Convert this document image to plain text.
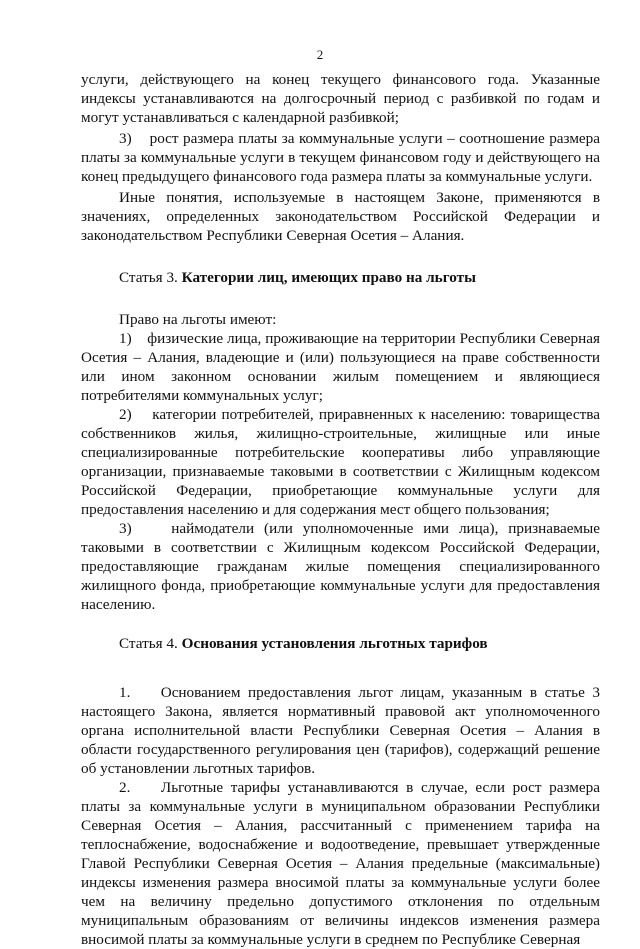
2

услуги, действующего на конец текущего финансового года. Указанные индексы устанавливаются на долгосрочный период с разбивкой по годам и могут устанавливаться с календарной разбивкой;

3)    рост размера платы за коммунальные услуги – соотношение размера платы за коммунальные услуги в текущем финансовом году и действующего на конец предыдущего финансового года размера платы за коммунальные услуги.

Иные понятия, используемые в настоящем Законе, применяются в значениях, определенных законодательством Российской Федерации и законодательством Республики Северная Осетия – Алания.

Статья 3. Категории лиц, имеющих право на льготы

Право на льготы имеют:

1)    физические лица, проживающие на территории Республики Северная Осетия – Алания, владеющие и (или) пользующиеся на праве собственности или ином законном основании жилым помещением и являющиеся потребителями коммунальных услуг;

2)    категории потребителей, приравненных к населению: товарищества собственников жилья, жилищно-строительные, жилищные или иные специализированные потребительские кооперативы либо управляющие организации, признаваемые таковыми в соответствии с Жилищным кодексом Российской Федерации, приобретающие коммунальные услуги для предоставления населению и для содержания мест общего пользования;

3)    наймодатели (или уполномоченные ими лица), признаваемые таковыми в соответствии с Жилищным кодексом Российской Федерации, предоставляющие гражданам жилые помещения специализированного жилищного фонда, приобретающие коммунальные услуги для предоставления населению.

Статья 4. Основания установления льготных тарифов

1.    Основанием предоставления льгот лицам, указанным в статье 3 настоящего Закона, является нормативный правовой акт уполномоченного органа исполнительной власти Республики Северная Осетия – Алания в области государственного регулирования цен (тарифов), содержащий решение об установлении льготных тарифов.

2.    Льготные тарифы устанавливаются в случае, если рост размера платы за коммунальные услуги в муниципальном образовании Республики Северная Осетия – Алания, рассчитанный с применением тарифа на теплоснабжение, водоснабжение и водоотведение, превышает утвержденные Главой Республики Северная Осетия – Алания предельные (максимальные) индексы изменения размера вносимой платы за коммунальные услуги более чем на величину предельно допустимого отклонения по отдельным муниципальным образованиям от величины индексов изменения размера вносимой платы за коммунальные услуги в среднем по Республике Северная
